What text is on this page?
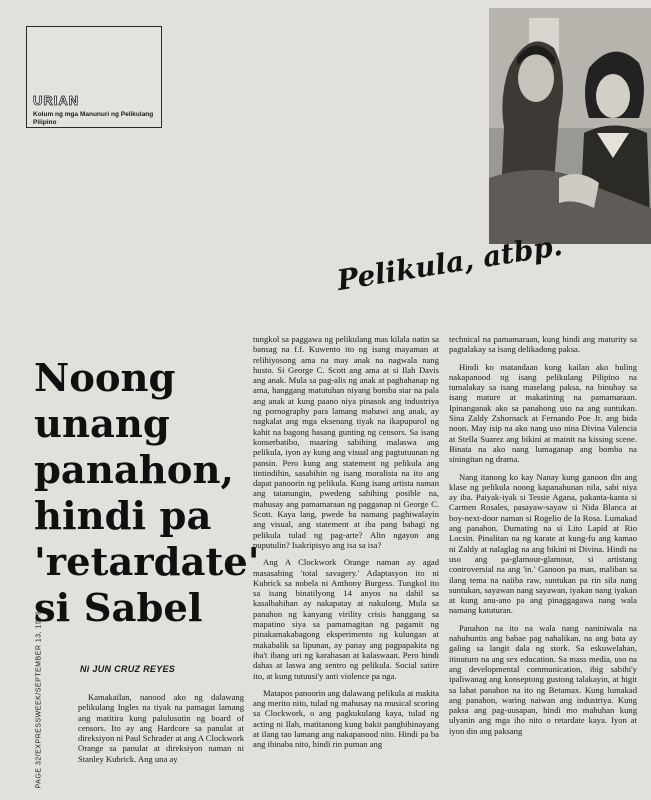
URIAN
Kolum ng mga Manunuri ng Pelikulang Pilipino
Pelikula, atbp.
Noong
unang
panahon,
hindi pa
'retardate'
si Sabel
PAGE 32/EXPRESSWEEK/SEPTEMBER 13, 1979	Ni JUN CRUZ REYES

Kamakailan, nanood ako ng dalawang pelikulang Ingles na tiyak na pamagat lamang ang matitira kung palulusutin ng board of censors. Ito ay ang Hardcore sa panulat at direksiyon ni Paul Schrader at ang A Clockwork Orange sa panulat at direksiyon naman ni Stanley Kubrick. Ang una ay

tungkol sa paggawa ng pelikulang mas kilala natin sa bansag na f.f. Kuwento ito ng isang mayaman at relihiyosong ama na may anak na nagwala nang husto. Si George C. Scott ang ama at si Ilah Davis ang anak. Mula sa pag-alis ng anak at paghahanap ng ama, hanggang matutuhan niyang bomba star na pala ang anak at kung paano niya pinasok ang industriya ng pornography para lamang mabawi ang anak, ay nagkalat ang mga eksenang tiyak na ikapupurol ng kahit na bagong hasang gunting ng censors. Sa isang konserbatibo, maaring sabihing malaswa ang pelikula, iyon ay kung ang visual ang pagtutuunan ng pansin. Pero kung ang statement ng pelikula ang iintindihin, sasabihin ng isang moralista na ito ang dapat panoorin ng pelikula. Kung isang artista naman ang tatanungin, pwedeng sabihing posible na, mahusay ang pamamaraan ng pagganap ni George C. Scott. Kaya lang, pwede ba namang paghiwalayin ang visual, ang statement at iba pang bahagi ng pelikula tulad ng pag-arte? Alin ngayon ang puputulin? Isakripisyo ang isa sa isa?

Ang A Clockwork Orange naman ay agad masasabing 'total savagery.' Adaptasyon ito ni Kubrick sa nobela ni Anthony Burgess. Tungkol ito sa isang binatilyong 14 anyos na dahil sa kasalbahihan ay nakapatay at nakulong. Mula sa panahon ng kanyang virility crisis hanggang sa mapatino siya sa pamamagitan ng pagamit ng pinakamakabagong eksperimento ng kulungan at makabalik sa lipunan, ay panay ang pagpapakita ng iba't ibang uri ng karahasan at kalaswaan. Pero hindi dahas at laswa ang sentro ng pelikula. Social satire ito, at kung tutuusi'y anti violence pa nga.

Matapos panoorin ang dalawang pelikula at makita ang merito nito, tulad ng mahusay na musical scoring sa Clockwork, o ang pagkukulang kaya, tulad ng acting ni Ilah, matitanong kung bakit panghihinayang at ilang tao lamang ang nakapanood nito. Hindi pa ba ang ibinaba nito, hindi rin puman ang

technical na pamamaraan, kung hindi ang maturity sa pagtalakay sa isang delikadong paksa.

Hindi ko matandaan kung kailan ako huling nakapanood ng isang pelikulang Pilipino na tumalakay sa isang maselang paksa, na binuhay sa isang mature at makatining na pamamaraan. Ipinanganak ako sa panahong uso na ang suntukan. Sina Zaldy Zshornack at Fernando Poe Jr. ang bida noon. May isip na ako nang uso nina Divina Valencia at Stella Suarez ang bikini at mainit na kissing scene. Binata na ako nang lumaganap ang bomba na siningitan ng drama.

Nang itanong ko kay Nanay kung ganoon din ang klase ng pelikula noong kapanahunan nila, sabi niya ay iba. Paiyak-iyak si Tessie Agana, pakanta-kanta si Carmen Rosales, pasayaw-sayaw si Nida Blanca at boy-next-door naman si Rogelio de la Rosa. Lumakad ang panahon. Dumating na si Lito Lapid at Rio Locsin. Pinalitan na ng karate at kung-fu ang kamao ni Zaldy at nalaglag na ang bikini ni Divina. Hindi na uso ang pa-glamour-glamour, si artistang controversial na ang 'in.' Ganoon pa man, maliban sa ilang tema na naiiba raw, suntukan pa rin sila nang suntukan, sayawan nang sayawan, iyakan nang iyakan at kung anu-ano pa ang pinaggagawa nang wala namang katuturan.

Panahon na ito na wala nang naniniwala na nahuhuntis ang babae pag nahalikan, na ang bata ay galing sa langit dala ng stork. Sa eskuwelahan, itinuturo na ang sex education. Sa mass media, uso na ang developmental communication, ibig sabihi'y ipaliwanag ang konseptong gustong talakayin, at higit sa lahat panahon na ito ng Betamax. Kung lumakad ang panahon, waring naiwan ang industriya. Kung paksa ang pag-uusapan, hindi mo mahuhan kung ulyanin ang mga iho nito o retardate kaya. Iyon at iyon din ang paksang
